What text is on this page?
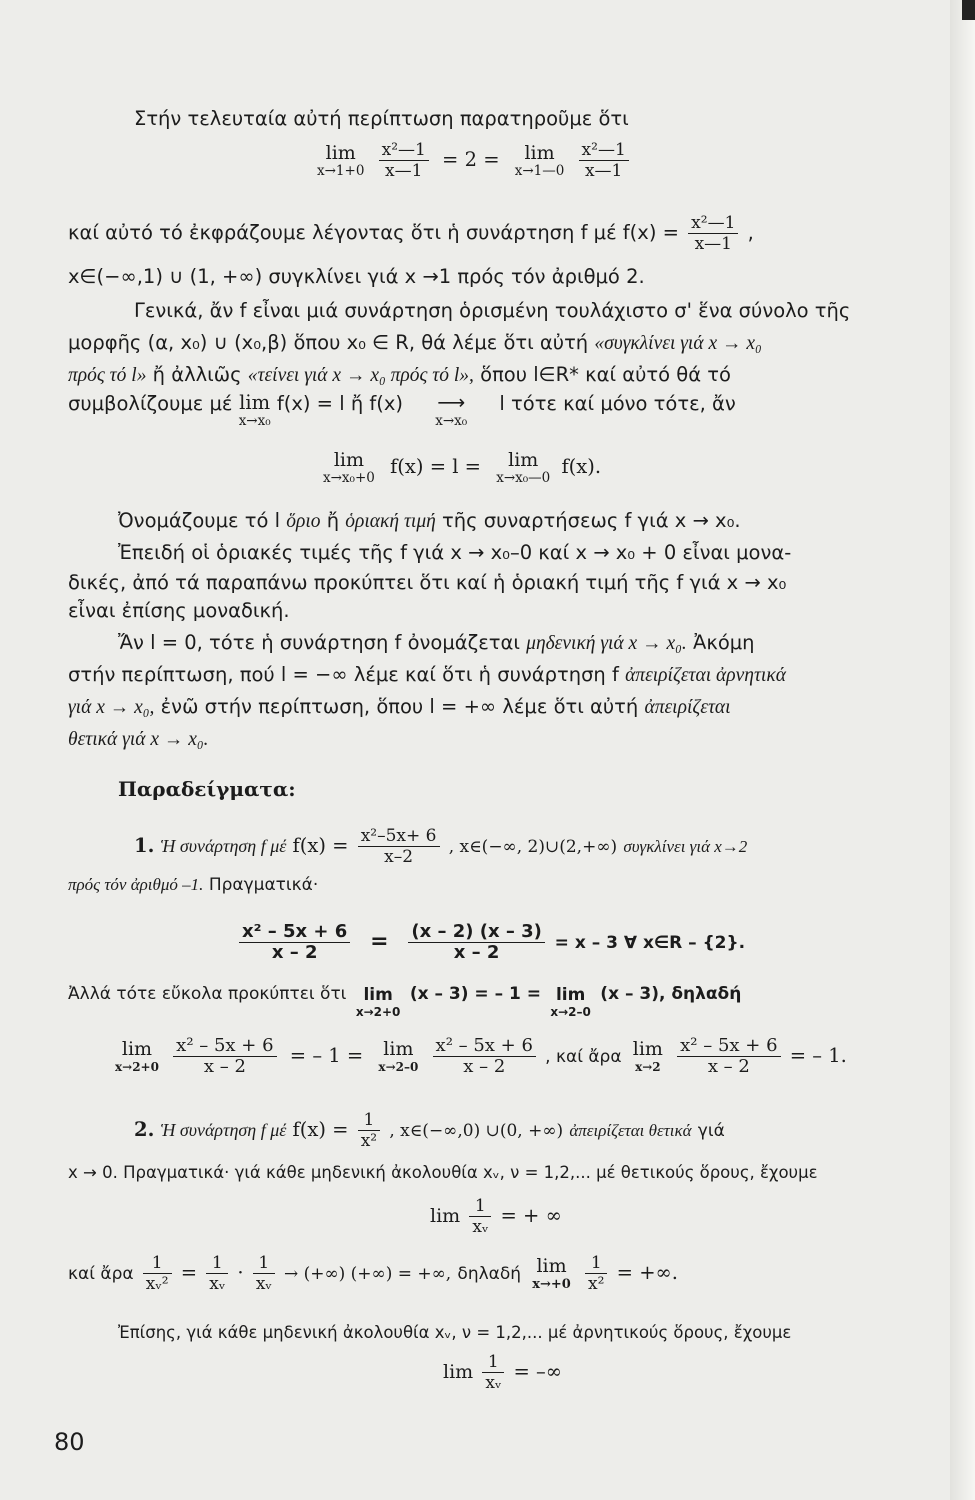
Στήν τελευταία αὐτή περίπτωση παρατηροῦμε ὅτι
lim
x→1+0
$\frac{\text{x²—1}}{x—1} = 2$ =	lim
x→1—0
$\frac{\text{x²—1}}{x—1}$
καί αὐτό τό ἐκφράζουμε λέγοντας ὅτι ἡ συνάρτηση f μέ $f(x) = \frac{\text{x²—1}}{x—1}$ ,
x∈(−∞,1) ∪ (1, +∞) συγκλίνει γιά x →1 πρός τόν ἀριθμό 2.
Γενικά, ἄν f εἶναι μιά συνάρτηση ὁρισμένη τουλάχιστο σ' ἕνα σύνολο τῆς
μορφῆς (α, x₀) ∪ (x₀,β) ὅπου x₀ ∈ R, θά λέμε ὅτι αὐτή «συγκλίνει γιά x → x₀
πρός τό l» ἤ ἀλλιῶς «τείνει γιά x → x₀ πρός τό l», ὅπου l∈R* καί αὐτό θά τό
συμβολίζουμε μέ lim
x→x₀
f(x) = l ἤ f(x)	⟶
x→x₀
l τότε καί μόνο τότε, ἄν
lim
x→x₀+0 f(x) = l =	lim
x→x₀—0 f(x).
Ὀνομάζουμε τό l ὅριο ἤ ὁριακή τιμή τῆς συναρτήσεως f γιά x → x₀.
Ἐπειδή οἱ ὁριακές τιμές τῆς f γιά x → x₀–0 καί x → x₀ + 0 εἶναι μονα-
δικές, ἀπό τά παραπάνω προκύπτει ὅτι καί ἡ ὁριακή τιμή τῆς f γιά x → x₀
εἶναι ἐπίσης μοναδική.
Ἄν l = 0, τότε ἡ συνάρτηση f ὀνομάζεται μηδενική γιά x → x₀. Ἀκόμη
στήν περίπτωση, πού l = −∞ λέμε καί ὅτι ἡ συνάρτηση f ἀπειρίζεται ἀρνητικά
γιά x → x₀, ἐνῶ στήν περίπτωση, ὅπου l = +∞ λέμε ὅτι αὐτή ἀπειρίζεται
θετικά γιά x → x₀.
Παραδείγματα:
1. Ἡ συνάρτηση f μέ $f(x) = \frac{\text{x²–5x+ 6}}{x-2}$ , x∈(−∞, 2)∪(2,+∞) συγκλίνει γιά x→2
πρός τόν ἀριθμό –1. Πραγματικά·
$\frac{\text{x² – 5x + 6}}{x - 2} = \frac{(x - 2) (x - 3)}{x - 2} = x - 3$ ∀ x∈R – {2}.
Ἀλλά τότε εὔκολα προκύπτει ὅτι	lim
x→2+0
(x – 3) = – 1 = lim
x→2–0
(x – 3), δηλαδή
lim
x→2+0
$\frac{\text{x² – 5x + 6}}{x - 2}$ = – 1 = lim
x→2–0
$\frac{\text{x² – 5x + 6}}{x - 2}$ , καί ἄρα lim
x→2
$\frac{\text{x² – 5x + 6}}{x - 2}$ = – 1.
2. Ἡ συνάρτηση f μέ $f(x) = \frac{1}{\text{x²}}$ , x∈(−∞,0) ∪(0, +∞) ἀπειρίζεται θετικά γιά
x → 0. Πραγματικά· γιά κάθε μηδενική ἀκολουθία xᵥ, ν = 1,2,... μέ θετικούς ὅρους, ἔχουμε
$\lim \frac{1}{\text{xᵥ}}$ = + ∞
καί ἄρα $\frac{1}{\text{xᵥ²}} = \frac{1}{\text{xᵥ}} \cdot \frac{1}{\text{xᵥ}}$ → (+∞) (+∞) = +∞, δηλαδή lim
x→+0
$\frac{1}{\text{x²}}$ = +∞.
Ἐπίσης, γιά κάθε μηδενική ἀκολουθία xᵥ, ν = 1,2,... μέ ἀρνητικούς ὅρους, ἔχουμε
$\lim \frac{1}{\text{xᵥ}}$ = –∞
80
